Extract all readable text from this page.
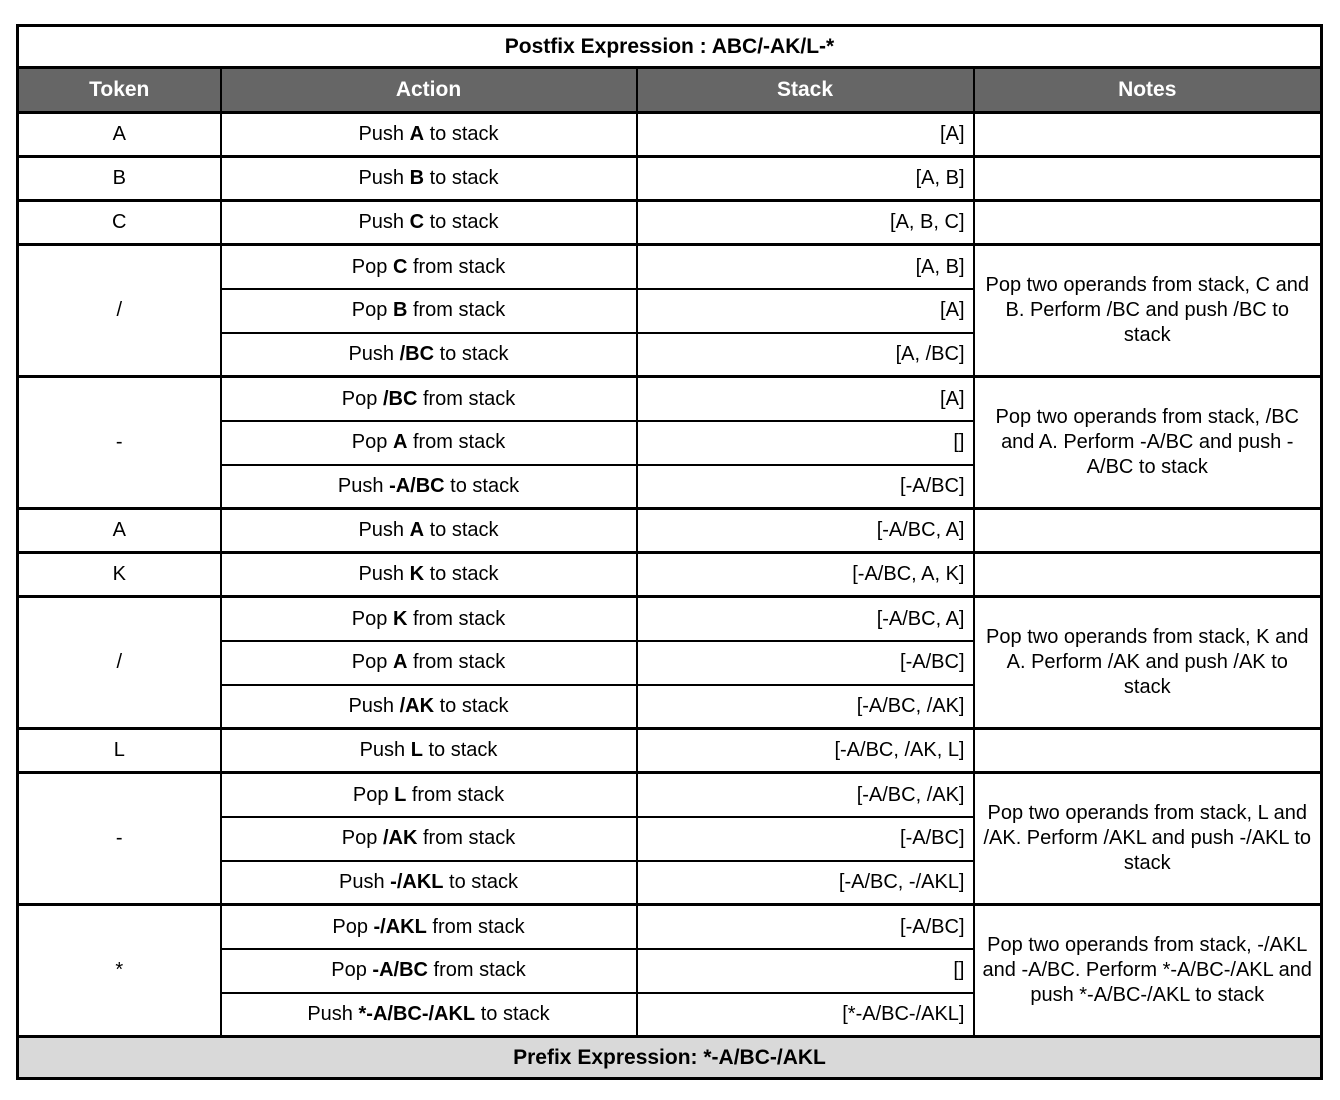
Postfix Expression : ABC/-AK/L-*			
Token	Action	Stack	Notes
A	Push A to stack	[A]	
B	Push B to stack	[A, B]	
C	Push C to stack	[A, B, C]	
/	Pop C from stack	[A, B]	Pop two operands from stack, C and B. Perform /BC and push /BC to stack
	Pop B from stack	[A]	
	Push /BC to stack	[A, /BC]	
-	Pop /BC from stack	[A]	Pop two operands from stack, /BC and A. Perform -A/BC and push -A/BC to stack
	Pop A from stack	[]	
	Push -A/BC to stack	[-A/BC]	
A	Push A to stack	[-A/BC, A]	
K	Push K to stack	[-A/BC, A, K]	
/	Pop K from stack	[-A/BC, A]	Pop two operands from stack, K and A. Perform /AK and push /AK to stack
	Pop A from stack	[-A/BC]	
	Push /AK to stack	[-A/BC, /AK]	
L	Push L to stack	[-A/BC, /AK, L]	
-	Pop L from stack	[-A/BC, /AK]	Pop two operands from stack, L and /AK. Perform /AKL and push -/AKL to stack
	Pop /AK from stack	[-A/BC]	
	Push -/AKL to stack	[-A/BC, -/AKL]	
*	Pop -/AKL from stack	[-A/BC]	Pop two operands from stack, -/AKL and -A/BC. Perform *-A/BC-/AKL and push *-A/BC-/AKL to stack
	Pop -A/BC from stack	[]	
	Push *-A/BC-/AKL to stack	[*-A/BC-/AKL]	
Prefix Expression: *-A/BC-/AKL			
